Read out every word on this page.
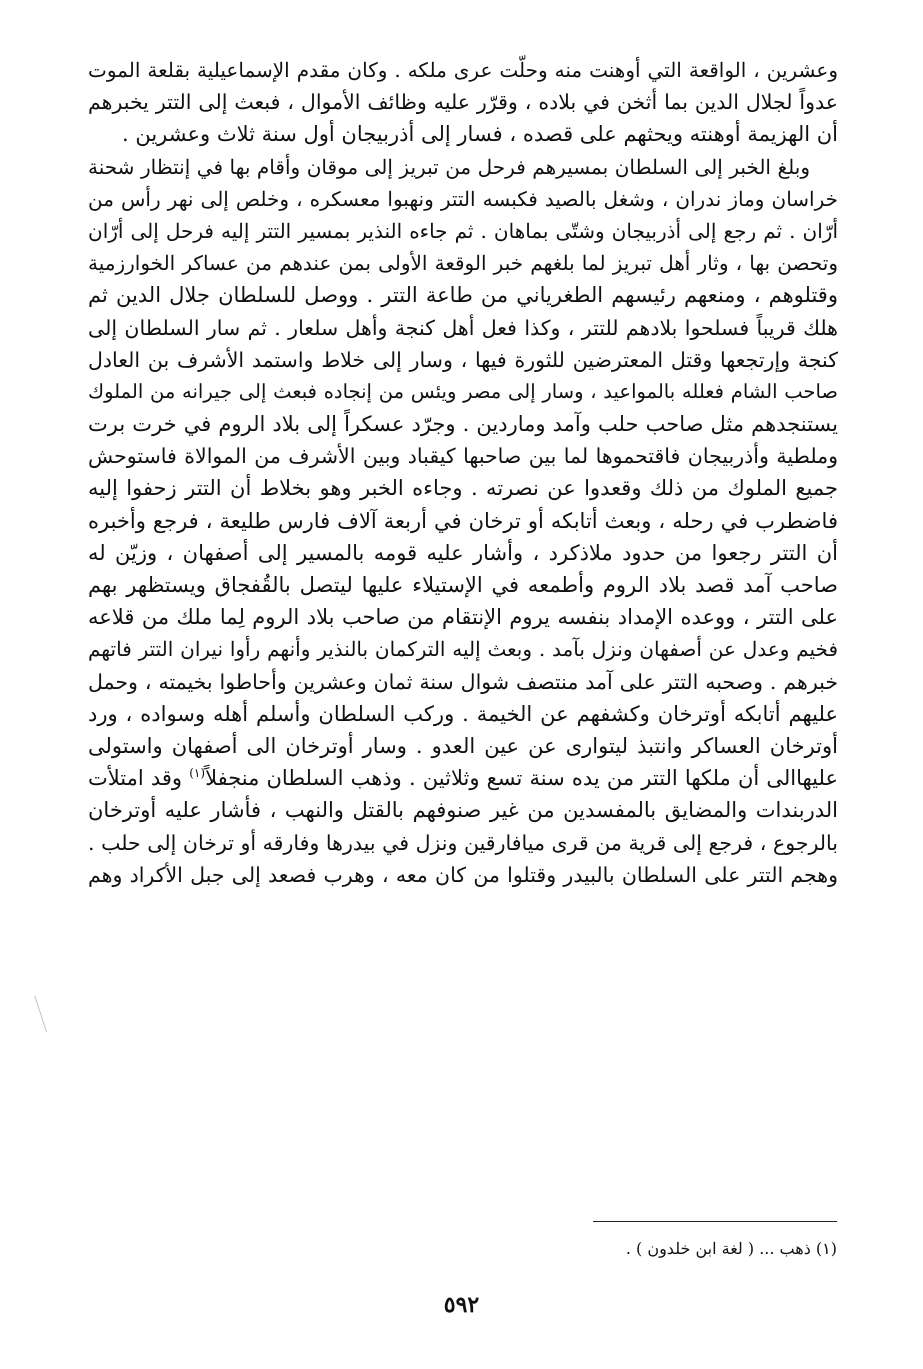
وعشرين ، الواقعة التي أوهنت منه وحلّت عرى ملكه . وكان مقدم الإسماعيلية بقلعة الموت
عدواً لجلال الدين بما أثخن في بلاده ، وقرّر عليه وظائف الأموال ، فبعث إلى التتر يخبرهم
أن الهزيمة أوهنته ويحثهم على قصده ، فسار إلى أذربيجان أول سنة ثلاث وعشرين .
وبلغ الخبر إلى السلطان بمسيرهم فرحل من تبريز إلى موقان وأقام بها في إنتظار شحنة
خراسان وماز ندران ، وشغل بالصيد فكبسه التتر ونهبوا معسكره ، وخلص إلى نهر رأس من
أرّان . ثم رجع إلى أذربيجان وشتّى بماهان . ثم جاءه النذير بمسير التتر إليه فرحل إلى أرّان
وتحصن بها ، وثار أهل تبريز لما بلغهم خبر الوقعة الأولى بمن عندهم من عساكر الخوارزمية
وقتلوهم ، ومنعهم رئيسهم الطغرياني من طاعة التتر . ووصل للسلطان جلال الدين ثم
هلك قريباً فسلحوا بلادهم للتتر ، وكذا فعل أهل كنجة وأهل سلعار . ثم سار السلطان إلى
كنجة وإرتجعها وقتل المعترضين للثورة فيها ، وسار إلى خلاط واستمد الأشرف بن العادل
صاحب الشام فعلله بالمواعيد ، وسار إلى مصر ويئس من إنجاده فبعث إلى جيرانه من الملوك
يستنجدهم مثل صاحب حلب وآمد وماردين . وجرّد عسكراً إلى بلاد الروم في خرت برت
وملطية وأذربيجان فاقتحموها لما بين صاحبها كيقباد وبين الأشرف من الموالاة فاستوحش
جميع الملوك من ذلك وقعدوا عن نصرته . وجاءه الخبر وهو بخلاط أن التتر زحفوا إليه
فاضطرب في رحله ، وبعث أتابكه أو ترخان في أربعة آلاف فارس طليعة ، فرجع وأخبره
أن التتر رجعوا من حدود ملاذكرد ، وأشار عليه قومه بالمسير إلى أصفهان ، وزيّن له
صاحب آمد قصد بلاد الروم وأطمعه في الإستيلاء عليها ليتصل بالقُفجاق ويستظهر بهم
على التتر ، ووعده الإمداد بنفسه يروم الإنتقام من صاحب بلاد الروم لِما ملك من قلاعه
فخيم وعدل عن أصفهان ونزل بآمد . وبعث إليه التركمان بالنذير وأنهم رأوا نيران التتر فاتهم
خبرهم . وصحبه التتر على آمد منتصف شوال سنة ثمان وعشرين وأحاطوا بخيمته ، وحمل
عليهم أتابكه أوترخان وكشفهم عن الخيمة . وركب السلطان وأسلم أهله وسواده ، ورد
أوترخان العساكر وانتبذ ليتوارى عن عين العدو . وسار أوترخان الى أصفهان واستولى
عليهاالى أن ملكها التتر من يده سنة تسع وثلاثين . وذهب السلطان منجفلاً$^{(١)}$ وقد امتلأت
الدربندات والمضايق بالمفسدين من غير صنوفهم بالقتل والنهب ، فأشار عليه أوترخان
بالرجوع ، فرجع إلى قرية من قرى ميافارقين ونزل في بيدرها وفارقه أو ترخان إلى حلب .
وهجم التتر على السلطان بالبيدر وقتلوا من كان معه ، وهرب فصعد إلى جبل الأكراد وهم
(١) ذهب ... ( لغة ابن خلدون ) .
٥٩٢
